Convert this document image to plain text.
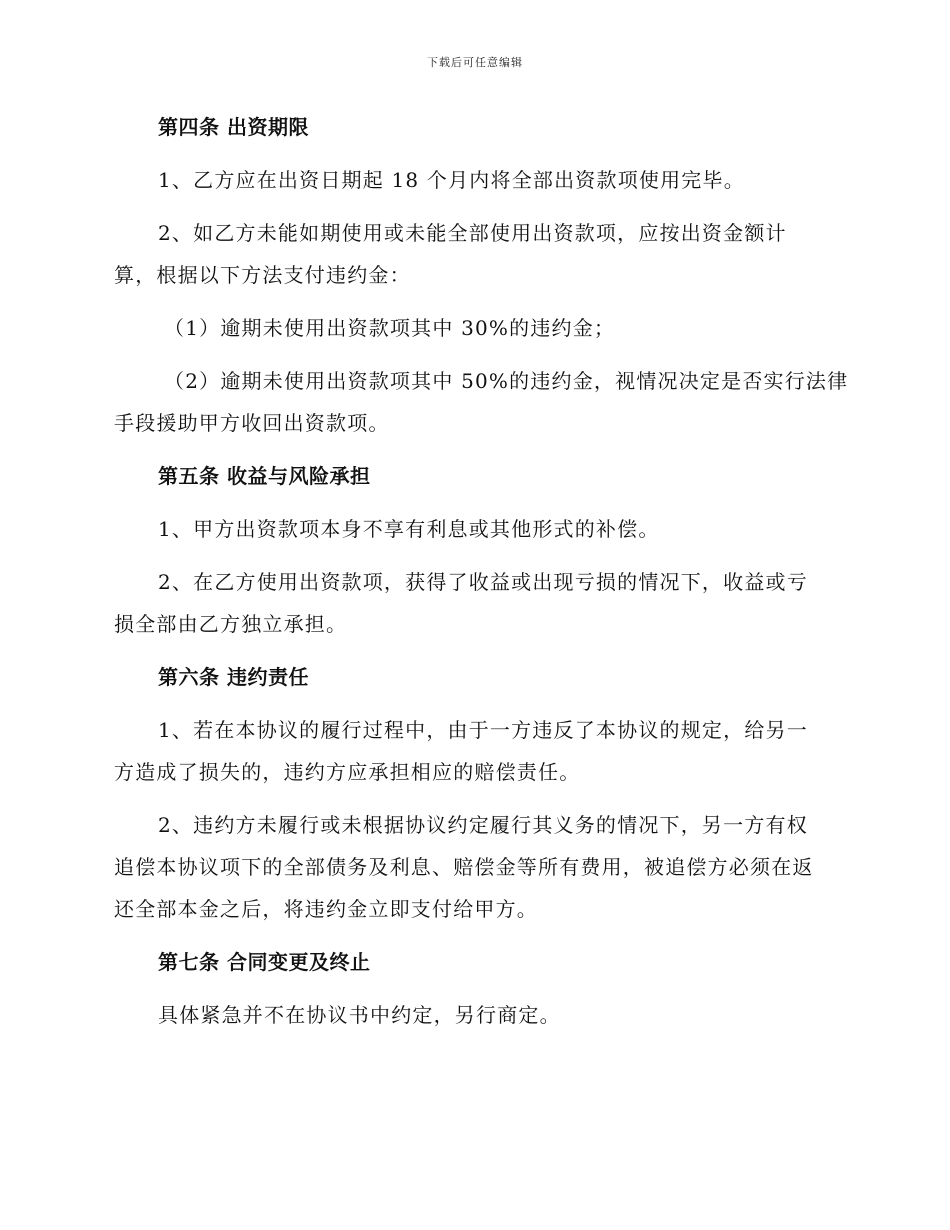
下载后可任意编辑
第四条 出资期限
1、乙方应在出资日期起 18 个月内将全部出资款项使用完毕。
2、如乙方未能如期使用或未能全部使用出资款项，应按出资金额计
算，根据以下方法支付违约金：
（1）逾期未使用出资款项其中 30%的违约金；
（2）逾期未使用出资款项其中 50%的违约金，视情况决定是否实行法律
手段援助甲方收回出资款项。
第五条 收益与风险承担
1、甲方出资款项本身不享有利息或其他形式的补偿。
2、在乙方使用出资款项，获得了收益或出现亏损的情况下，收益或亏
损全部由乙方独立承担。
第六条 违约责任
1、若在本协议的履行过程中，由于一方违反了本协议的规定，给另一
方造成了损失的，违约方应承担相应的赔偿责任。
2、违约方未履行或未根据协议约定履行其义务的情况下，另一方有权
追偿本协议项下的全部债务及利息、赔偿金等所有费用，被追偿方必须在返
还全部本金之后，将违约金立即支付给甲方。
第七条 合同变更及终止
具体紧急并不在协议书中约定，另行商定。
